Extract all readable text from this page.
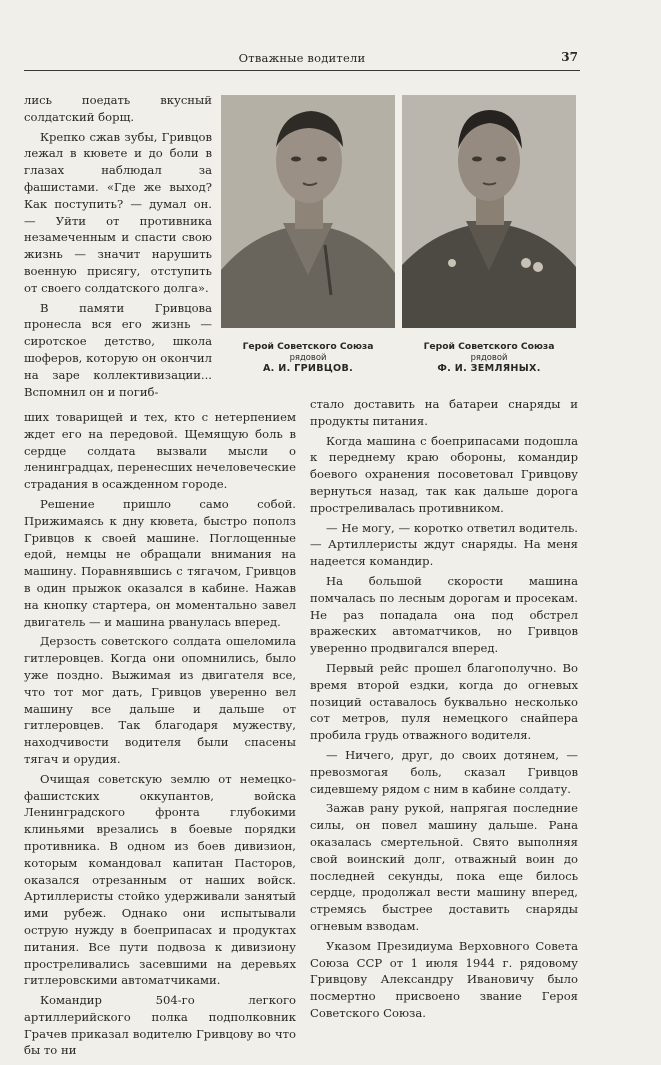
Отважные водители	37
Герой Советского Союза
рядовой
А. И. ГРИВЦОВ.
Герой Советского Союза
рядовой
Ф. И. ЗЕМЛЯНЫХ.

лись поедать вкусный солдатский борщ.

Крепко сжав зубы, Гривцов лежал в кювете и до боли в глазах наблюдал за фашистами. «Где же выход? Как поступить? — думал он. — Уйти от противника незамеченным и спасти свою жизнь — значит нарушить военную присягу, отступить от своего солдатского долга».

В памяти Гривцова пронесла вся его жизнь — сиротское детство, школа шоферов, которую он окончил на заре коллективизации... Вспомнил он и погиб-

ших товарищей и тех, кто с нетерпением ждет его на передовой. Щемящую боль в сердце солдата вызвали мысли о ленинградцах, перенесших нечеловеческие страдания в осажденном городе.

Решение пришло само собой. Прижимаясь к дну кювета, быстро пополз Гривцов к своей машине. Поглощенные едой, немцы не обращали внимания на машину. Поравнявшись с тягачом, Гривцов в один прыжок оказался в кабине. Нажав на кнопку стартера, он моментально завел двигатель — и машина рванулась вперед.

Дерзость советского солдата ошеломила гитлеровцев. Когда они опомнились, было уже поздно. Выжимая из двигателя все, что тот мог дать, Гривцов уверенно вел машину все дальше и дальше от гитлеровцев. Так благодаря мужеству, находчивости водителя были спасены тягач и орудия.

Очищая советскую землю от немецко-фашистских оккупантов, войска Ленинградского фронта глубокими клиньями врезались в боевые порядки противника. В одном из боев дивизион, которым командовал капитан Пасторов, оказался отрезанным от наших войск. Артиллеристы стойко удерживали занятый ими рубеж. Однако они испытывали острую нужду в боеприпасах и продуктах питания. Все пути подвоза к дивизиону простреливались засевшими на деревьях гитлеровскими автоматчиками.

Командир 504-го легкого артиллерийского полка подполковник Грачев приказал водителю Гривцову во что бы то ни

стало доставить на батареи снаряды и продукты питания.

Когда машина с боеприпасами подошла к переднему краю обороны, командир боевого охранения посоветовал Гривцову вернуться назад, так как дальше дорога простреливалась противником.

— Не могу, — коротко ответил водитель. — Артиллеристы ждут снаряды. На меня надеется командир.

На большой скорости машина помчалась по лесным дорогам и просекам. Не раз попадала она под обстрел вражеских автоматчиков, но Гривцов уверенно продвигался вперед.

Первый рейс прошел благополучно. Во время второй ездки, когда до огневых позиций оставалось буквально несколько сот метров, пуля немецкого снайпера пробила грудь отважного водителя.

— Ничего, друг, до своих дотянем, — превозмогая боль, сказал Гривцов сидевшему рядом с ним в кабине солдату.

Зажав рану рукой, напрягая последние силы, он повел машину дальше. Рана оказалась смертельной. Свято выполняя свой воинский долг, отважный воин до последней секунды, пока еще билось сердце, продолжал вести машину вперед, стремясь быстрее доставить снаряды огневым взводам.

Указом Президиума Верховного Совета Союза ССР от 1 июля 1944 г. рядовому Гривцову Александру Ивановичу было посмертно присвоено звание Героя Советского Союза.
